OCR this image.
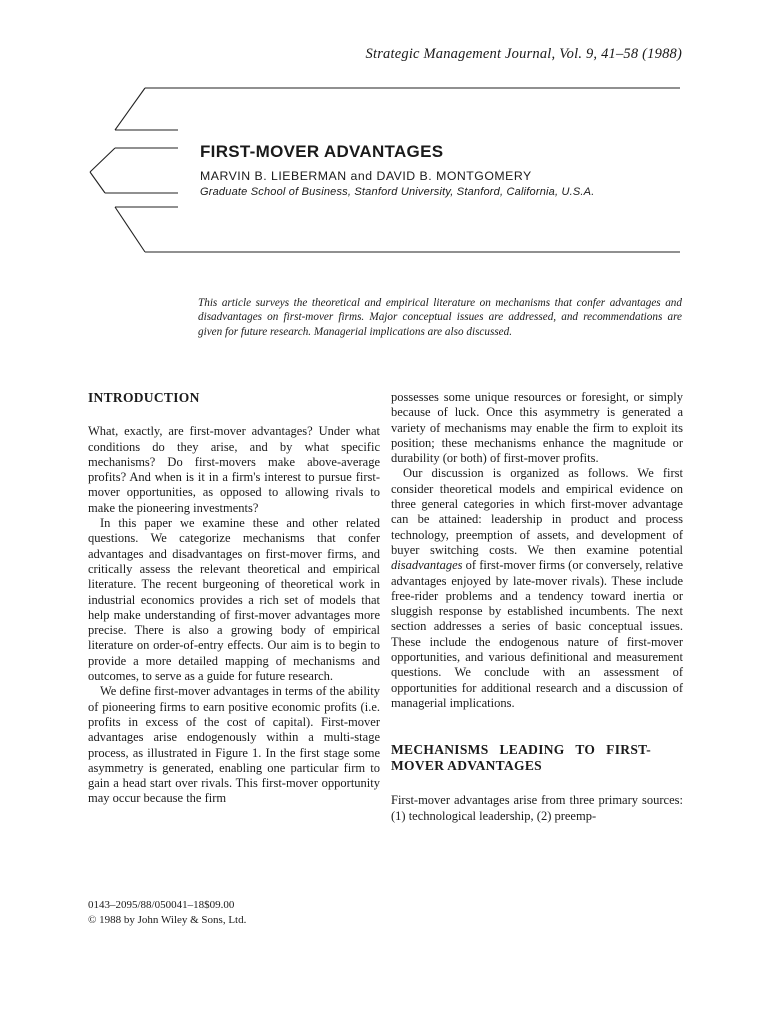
Strategic Management Journal, Vol. 9, 41–58 (1988)
FIRST-MOVER ADVANTAGES
MARVIN B. LIEBERMAN and DAVID B. MONTGOMERY
Graduate School of Business, Stanford University, Stanford, California, U.S.A.
This article surveys the theoretical and empirical literature on mechanisms that confer advantages and disadvantages on first-mover firms. Major conceptual issues are addressed, and recommendations are given for future research. Managerial implications are also discussed.
INTRODUCTION

What, exactly, are first-mover advantages? Under what conditions do they arise, and by what specific mechanisms? Do first-movers make above-average profits? And when is it in a firm's interest to pursue first-mover opportunities, as opposed to allowing rivals to make the pioneering investments?

In this paper we examine these and other related questions. We categorize mechanisms that confer advantages and disadvantages on first-mover firms, and critically assess the relevant theoretical and empirical literature. The recent burgeoning of theoretical work in industrial economics provides a rich set of models that help make understanding of first-mover advantages more precise. There is also a growing body of empirical literature on order-of-entry effects. Our aim is to begin to provide a more detailed mapping of mechanisms and outcomes, to serve as a guide for future research.

We define first-mover advantages in terms of the ability of pioneering firms to earn positive economic profits (i.e. profits in excess of the cost of capital). First-mover advantages arise endogenously within a multi-stage process, as illustrated in Figure 1. In the first stage some asymmetry is generated, enabling one particular firm to gain a head start over rivals. This first-mover opportunity may occur because the firm

possesses some unique resources or foresight, or simply because of luck. Once this asymmetry is generated a variety of mechanisms may enable the firm to exploit its position; these mechanisms enhance the magnitude or durability (or both) of first-mover profits.

Our discussion is organized as follows. We first consider theoretical models and empirical evidence on three general categories in which first-mover advantage can be attained: leadership in product and process technology, preemption of assets, and development of buyer switching costs. We then examine potential disadvantages of first-mover firms (or conversely, relative advantages enjoyed by late-mover rivals). These include free-rider problems and a tendency toward inertia or sluggish response by established incumbents. The next section addresses a series of basic conceptual issues. These include the endogenous nature of first-mover opportunities, and various definitional and measurement questions. We conclude with an assessment of opportunities for additional research and a discussion of managerial implications.

MECHANISMS LEADING TO FIRST-MOVER ADVANTAGES

First-mover advantages arise from three primary sources: (1) technological leadership, (2) preemp-

0143–2095/88/050041–18$09.00
© 1988 by John Wiley & Sons, Ltd.
